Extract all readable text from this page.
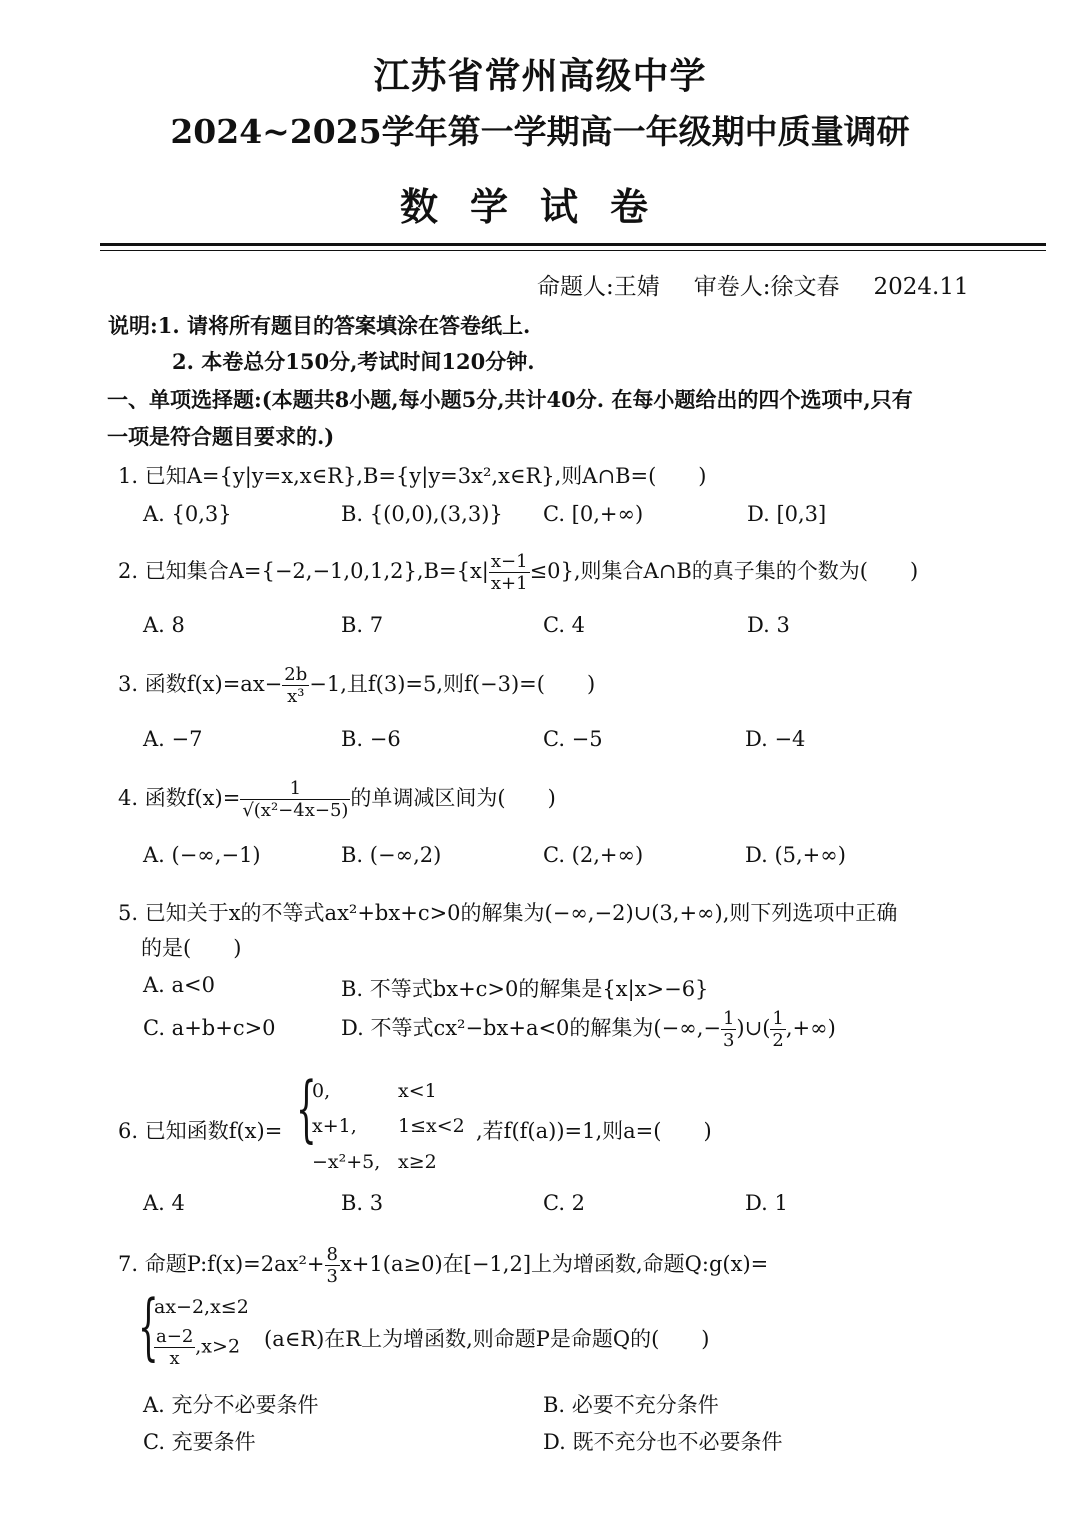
江苏省常州高级中学
2024~2025学年第一学期高一年级期中质量调研
数学试卷
命题人:王婧 审卷人:徐文春 2024.11
说明:1. 请将所有题目的答案填涂在答卷纸上.
2. 本卷总分150分,考试时间120分钟.
一、单项选择题:(本题共8小题,每小题5分,共计40分. 在每小题给出的四个选项中,只有
一项是符合题目要求的.)
1. 已知A={y|y=x,x∈R},B={y|y=3x²,x∈R},则A∩B=(　　)
A. {0,3}	B. {(0,0),(3,3)} C. [0,+∞)	D. [0,3]
2. 已知集合$A=\{-2,-1,0,1,2\},B=\{x| \frac{x-1}{x+1} \le 0\}$,则集合A∩B的真子集的个数为(　　)
A. 8	B. 7	C. 4	D. 3
3. 函数$f(x)=ax- \frac{2b}{\text{x³}} -1$,且f(3)=5,则f(−3)=(　　)
A. −7	B. −6	C. −5	D. −4
4. 函数$f(x)= \frac{1}{\text{√(x²−4x−5)}}$ 的单调减区间为(　　)
A. (−∞,−1)	B. (−∞,2)	C. (2,+∞)	D. (5,+∞)
5. 已知关于x的不等式ax²+bx+c>0的解集为(−∞,−2)∪(3,+∞),则下列选项中正确
的是(　　)
A. a<0	B. 不等式bx+c>0的解集是{x|x>−6}
C. a+b+c>0	D. 不等式cx²−bx+a<0的解集为(−∞,− $\frac{1}{3}$ )∪( $\frac{1}{2}$ ,+∞)
6. 已知函数f(x)= {
0,	x<1
x+1, 1≤x<2
−x²+5, x≥2
,若f(f(a))=1,则a=(　　)
A. 4	B. 3	C. 2	D. 1
7. 命题P:f(x)=2ax²+ $\frac{8}{3} x+1(a\ge 0)$在[−1,2]上为增函数,命题Q:g(x)=
{
ax−2,x≤2
$\frac{a-2}{x} ,x>2$ (a∈R)在R上为增函数,则命题P是命题Q的(　　)
A. 充分不必要条件	B. 必要不充分条件
C. 充要条件	D. 既不充分也不必要条件
